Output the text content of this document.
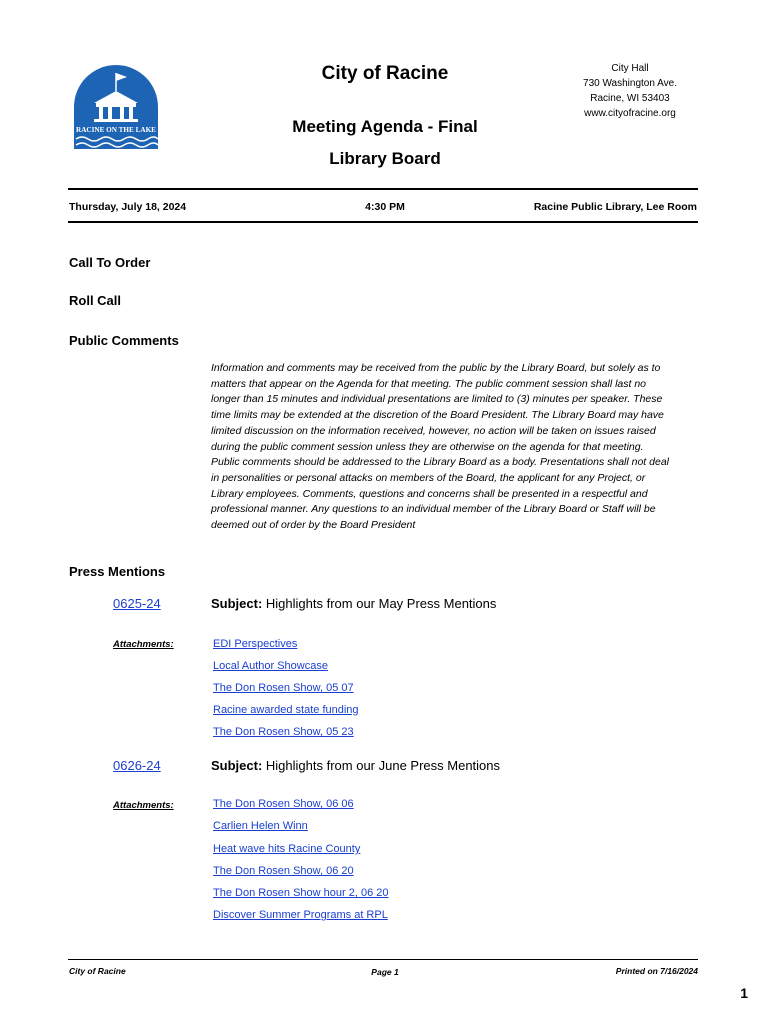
RACINE ON THE LAKE
City of Racine	City Hall
730 Washington Ave.
Racine, WI 53403
www.cityofracine.org
Meeting Agenda - Final
Library Board
Thursday, July 18, 2024	4:30 PM	Racine Public Library, Lee Room
Call To Order
Roll Call
Public Comments

Information and comments may be received from the public by the Library Board, but solely as to matters that appear on the Agenda for that meeting. The public comment session shall last no longer than 15 minutes and individual presentations are limited to (3) minutes per speaker. These time limits may be extended at the discretion of the Board President. The Library Board may have limited discussion on the information received, however, no action will be taken on issues raised during the public comment session unless they are otherwise on the agenda for that meeting. Public comments should be addressed to the Library Board as a body. Presentations shall not deal in personalities or personal attacks on members of the Board, the applicant for any Project, or Library employees. Comments, questions and concerns shall be presented in a respectful and professional manner. Any questions to an individual member of the Library Board or Staff will be deemed out of order by the Board President

Press Mentions
0625-24	Subject: Highlights from our May Press Mentions
Attachments:	EDI Perspectives
Local Author Showcase
The Don Rosen Show, 05 07
Racine awarded state funding
The Don Rosen Show, 05 23
0626-24	Subject: Highlights from our June Press Mentions
Attachments:	The Don Rosen Show, 06 06
Carlien Helen Winn
Heat wave hits Racine County
The Don Rosen Show, 06 20
The Don Rosen Show hour 2, 06 20
Discover Summer Programs at RPL
City of Racine	Page 1	Printed on 7/16/2024
1
